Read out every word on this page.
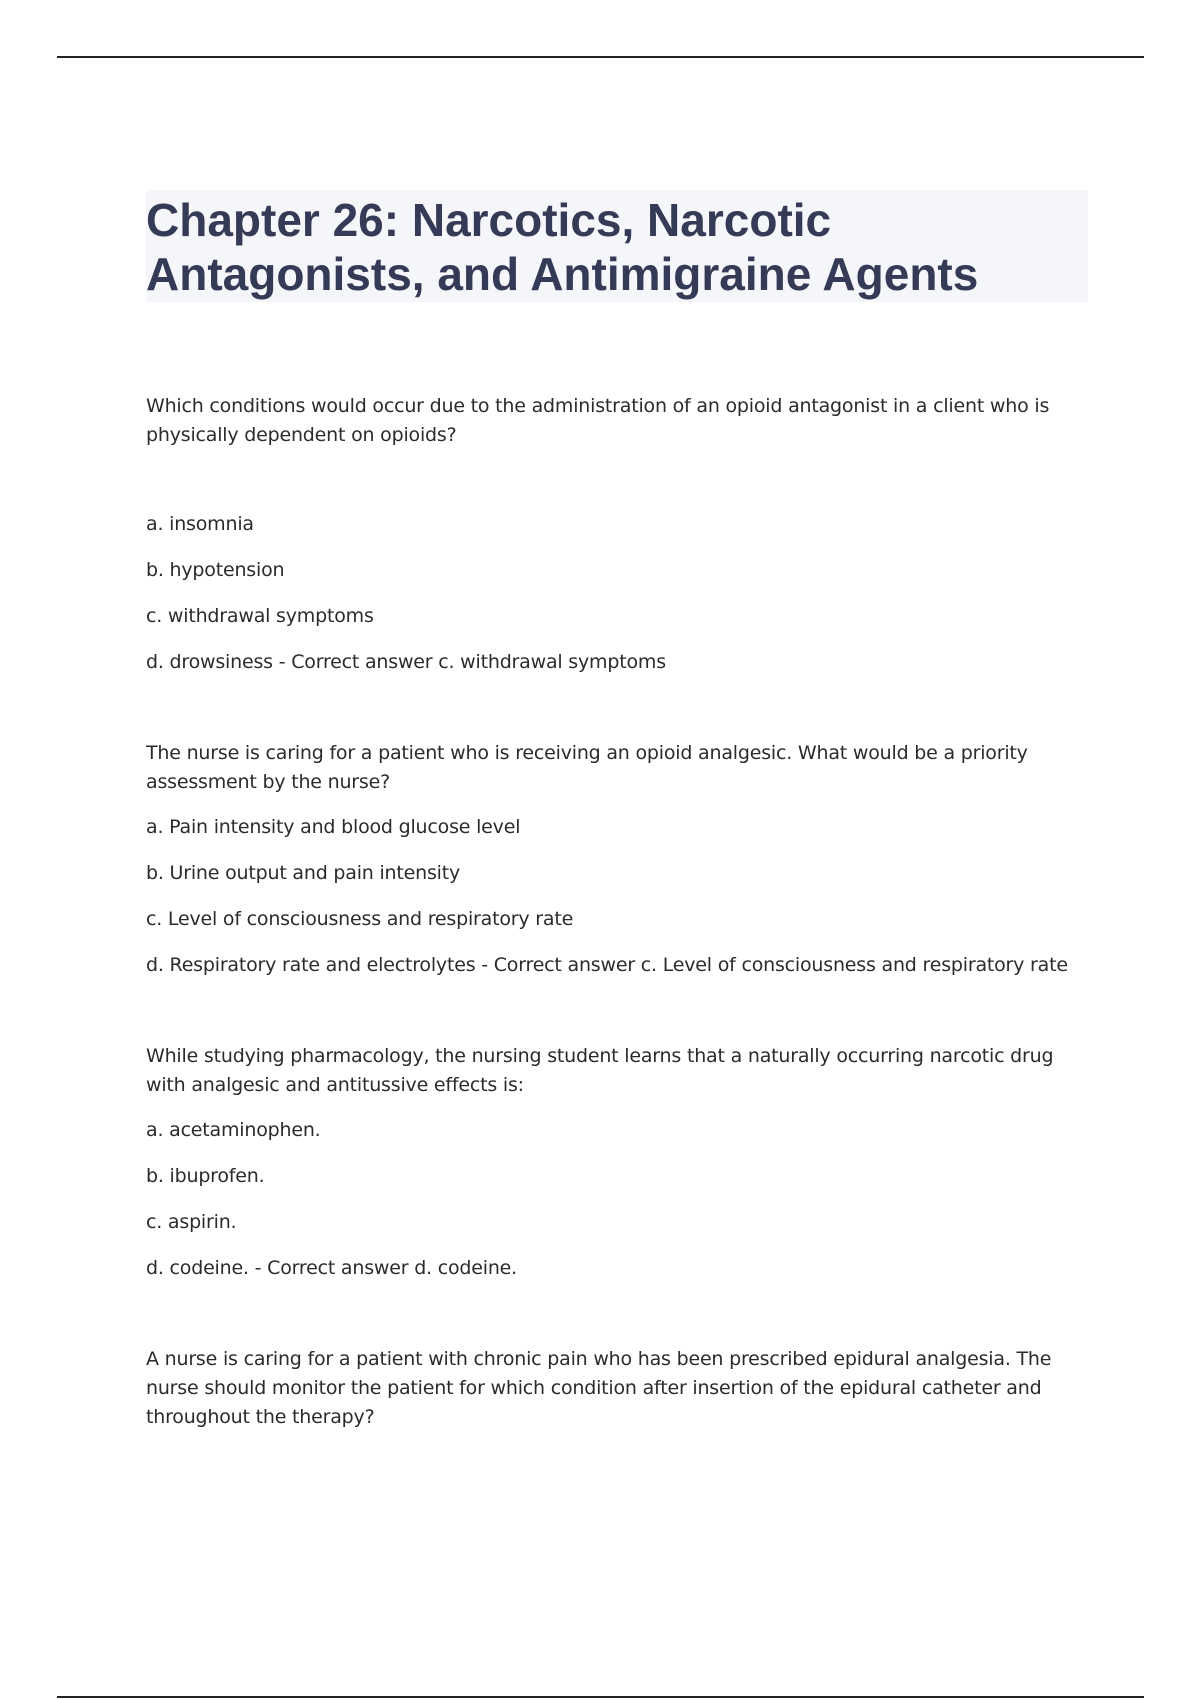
Chapter 26: Narcotics, Narcotic
Antagonists, and Antimigraine Agents

Which conditions would occur due to the administration of an opioid antagonist in a client who is physically dependent on opioids?

a. insomnia

b. hypotension

c. withdrawal symptoms

d. drowsiness - Correct answer c. withdrawal symptoms

The nurse is caring for a patient who is receiving an opioid analgesic. What would be a priority assessment by the nurse?

a. Pain intensity and blood glucose level

b. Urine output and pain intensity

c. Level of consciousness and respiratory rate

d. Respiratory rate and electrolytes - Correct answer c. Level of consciousness and respiratory rate

While studying pharmacology, the nursing student learns that a naturally occurring narcotic drug with analgesic and antitussive effects is:

a. acetaminophen.

b. ibuprofen.

c. aspirin.

d. codeine. - Correct answer d. codeine.

A nurse is caring for a patient with chronic pain who has been prescribed epidural analgesia. The nurse should monitor the patient for which condition after insertion of the epidural catheter and throughout the therapy?
